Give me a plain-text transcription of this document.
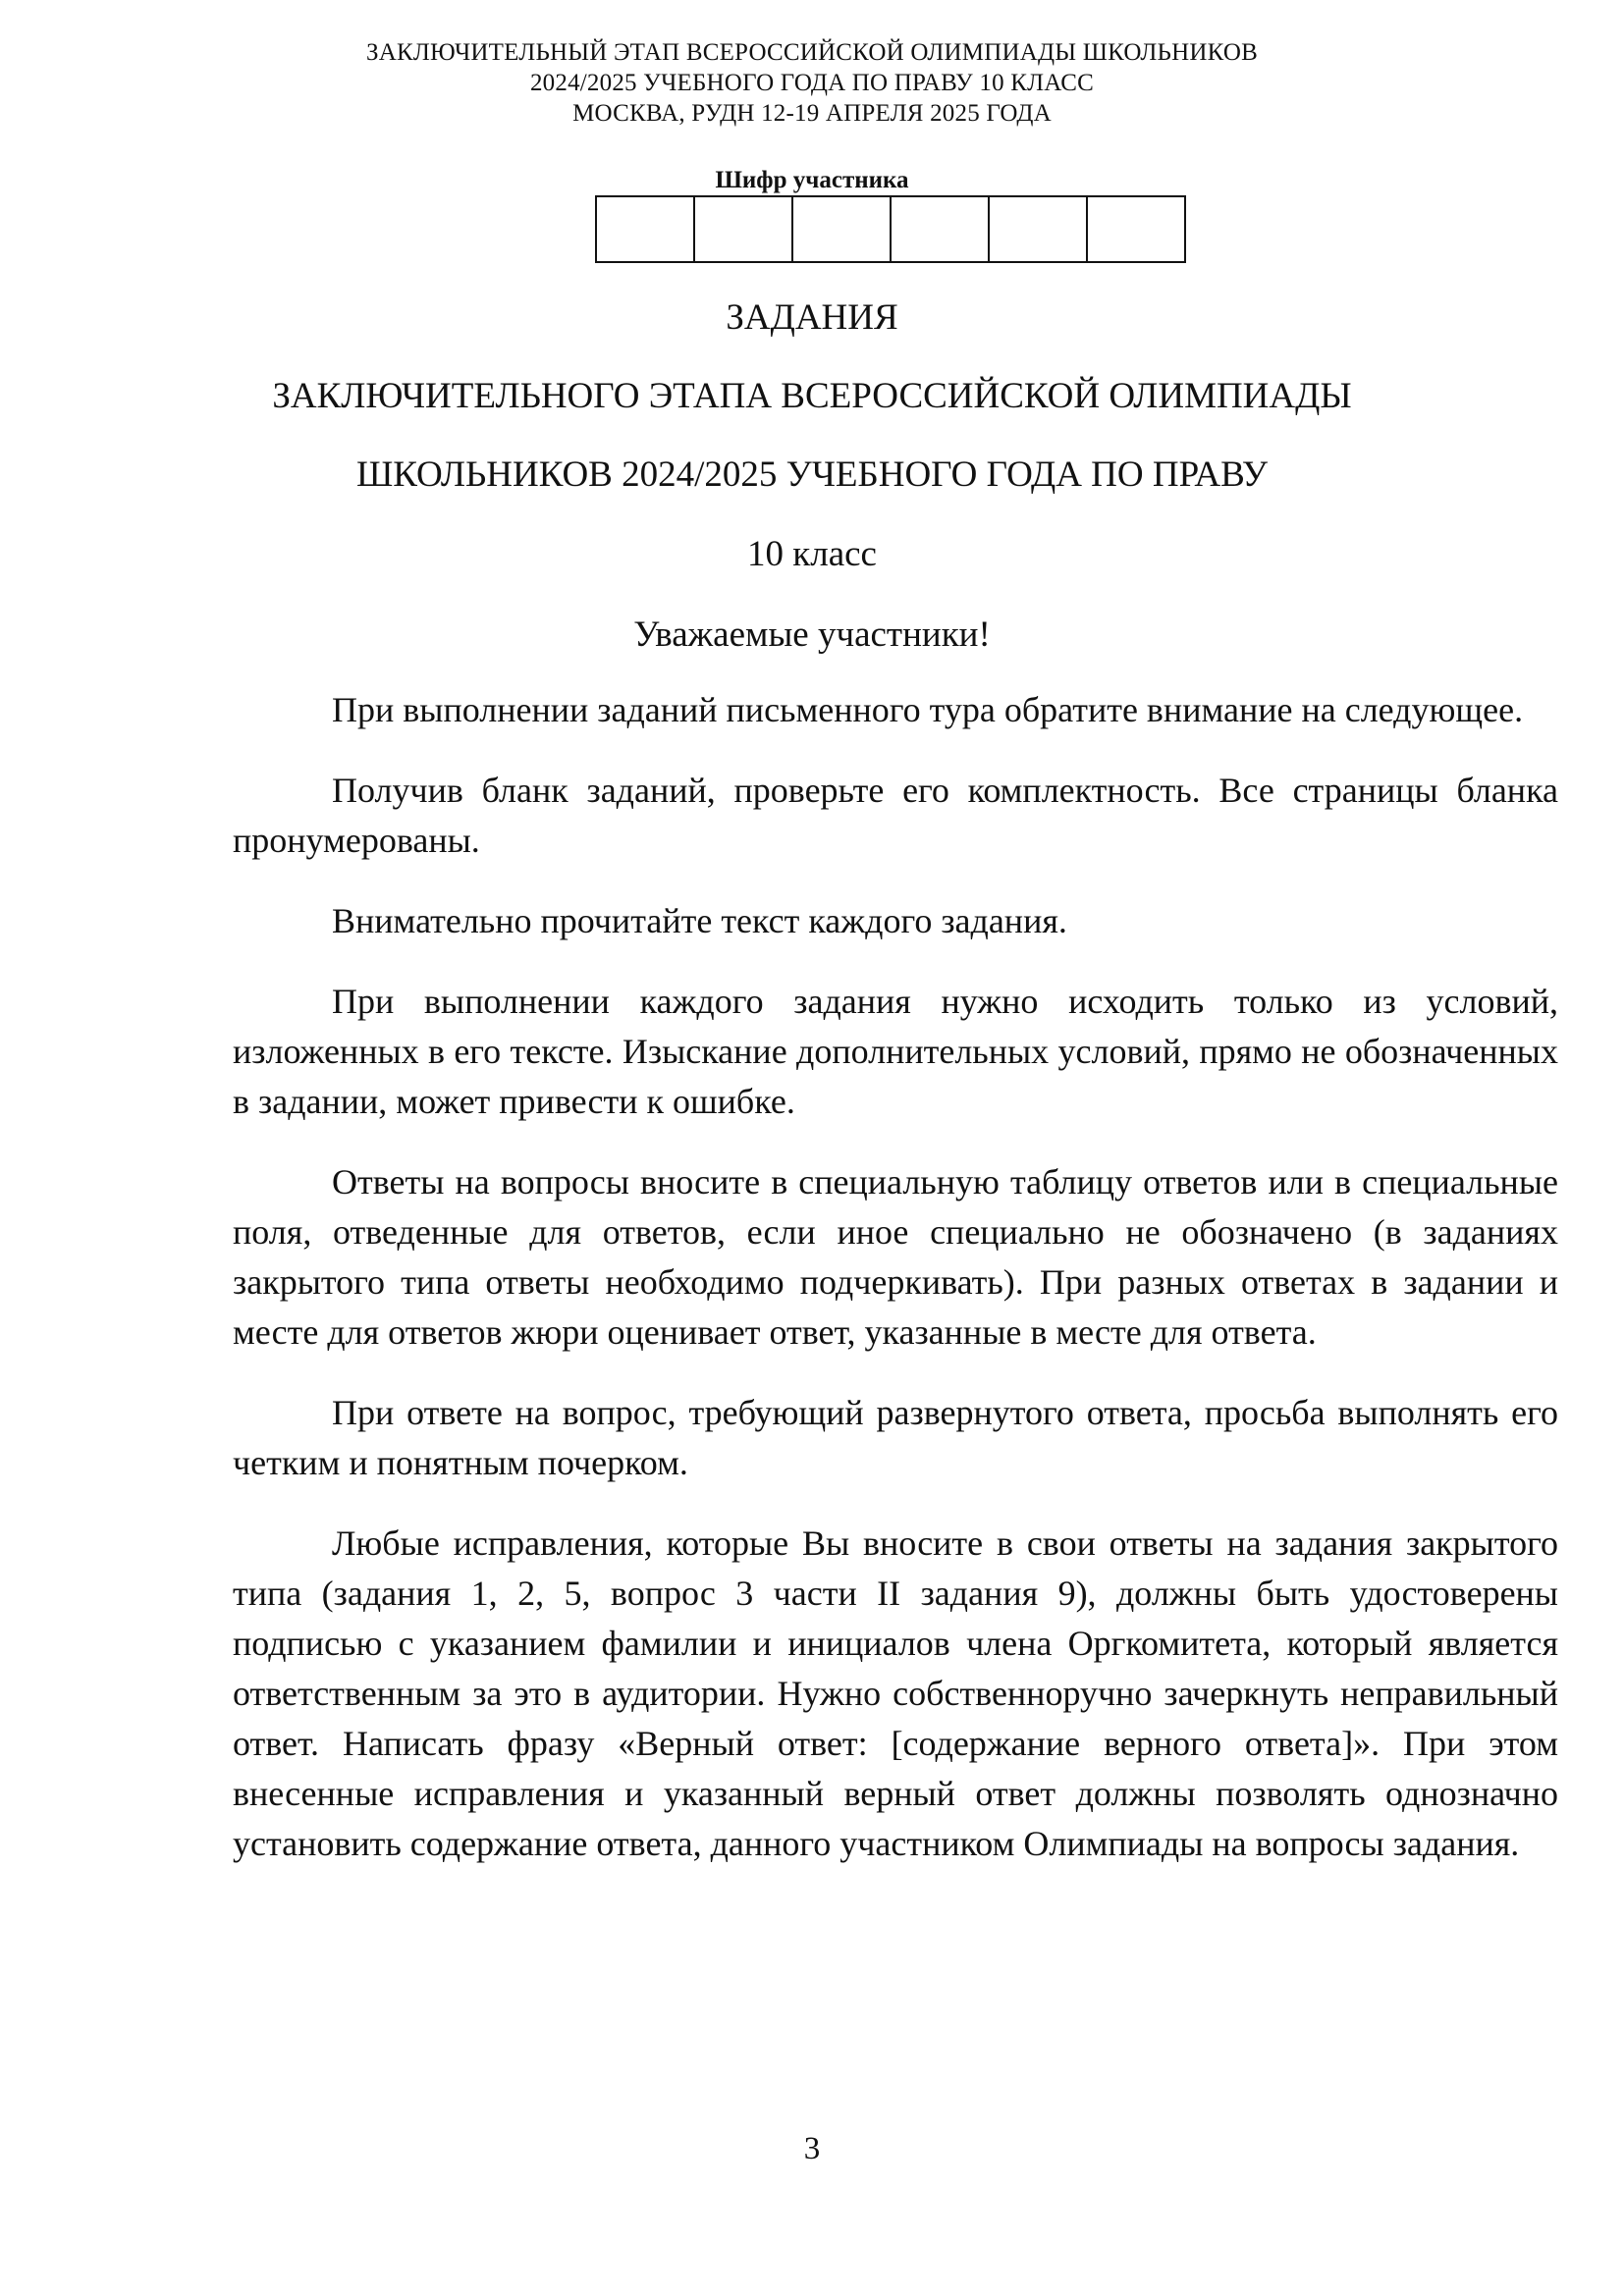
ЗАКЛЮЧИТЕЛЬНЫЙ ЭТАП ВСЕРОССИЙСКОЙ ОЛИМПИАДЫ ШКОЛЬНИКОВ
2024/2025 УЧЕБНОГО ГОДА ПО ПРАВУ 10 КЛАСС
МОСКВА, РУДН 12-19 АПРЕЛЯ 2025 ГОДА
Шифр участника
ЗАДАНИЯ
ЗАКЛЮЧИТЕЛЬНОГО ЭТАПА ВСЕРОССИЙСКОЙ ОЛИМПИАДЫ
ШКОЛЬНИКОВ 2024/2025 УЧЕБНОГО ГОДА ПО ПРАВУ
10 класс
Уважаемые участники!

При выполнении заданий письменного тура обратите внимание на следующее.

Получив бланк заданий, проверьте его комплектность. Все страницы бланка пронумерованы.

Внимательно прочитайте текст каждого задания.

При выполнении каждого задания нужно исходить только из условий, изложенных в его тексте. Изыскание дополнительных условий, прямо не обозначенных в задании, может привести к ошибке.

Ответы на вопросы вносите в специальную таблицу ответов или в специальные поля, отведенные для ответов, если иное специально не обозначено (в заданиях закрытого типа ответы необходимо подчеркивать). При разных ответах в задании и месте для ответов жюри оценивает ответ, указанные в месте для ответа.

При ответе на вопрос, требующий развернутого ответа, просьба выполнять его четким и понятным почерком.

Любые исправления, которые Вы вносите в свои ответы на задания закрытого типа (задания 1, 2, 5, вопрос 3 части II задания 9), должны быть удостоверены подписью с указанием фамилии и инициалов члена Оргкомитета, который является ответственным за это в аудитории. Нужно собственноручно зачеркнуть неправильный ответ. Написать фразу «Верный ответ: [содержание верного ответа]». При этом внесенные исправления и указанный верный ответ должны позволять однозначно установить содержание ответа, данного участником Олимпиады на вопросы задания.

3
